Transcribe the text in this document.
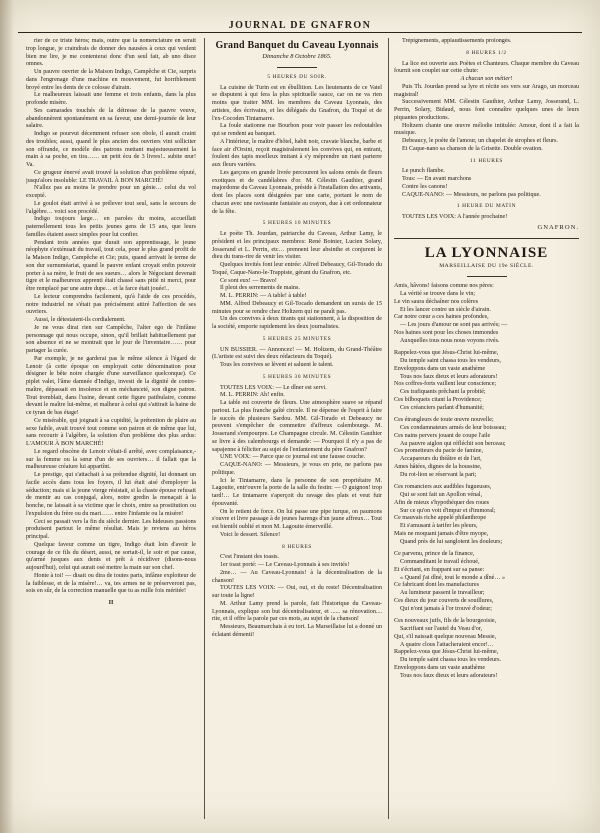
$_{JOURNAL DE GNAFRON}$

rier de ce triste héros; mais, outre que la nomenclature en serait trop longue, je craindrais de donner des nausées à ceux qui veulent bien me lire, je me contenterai donc d'un seul fait, ab uno disce omnes.

Un pauvre ouvrier de la Maison Indigo, Campêche et Cie, surpris dans l'engrenage d'une machine en mouvement, fut horriblement broyé entre les dents de ce colosse d'airain.

Le malheureux laissait une femme et trois enfants, dans la plus profonde misère.

Ses camarades touchés de la détresse de la pauvre veuve, abandonnèrent spontanément en sa faveur, une demi-journée de leur salaire.

Indigo se pourvut décemment refuser son obole, il aurait craint des troubles; aussi, quand le plus ancien des ouvriers vint solliciter son offrande, ce modèle des patrons mettant majestueusement la main à sa poche, en tira…… un petit écu de 3 livres!.. subite œur! Va.

Ce grugeur énervé avait trouvé la solution d'un problème réputé, jusqu'alors insoluble: LE TRAVAIL À BON MARCHÉ!

N'allez pas au moins le prendre pour un génie… celui du vol excepté.

Le goulot était arrivé à se prélever tout seul, sans le secours de l'algèbre… voici son procédé.

Indigo toujours large… en paroles du moins, accueillait paternellement tous les petits jeunes gens de 15 ans, que leurs familles étaient assez simples pour lui confier.

Pendant trois années que durait son apprentissage, le jeune néophyte s'exténuait du travail, tout cela, pour le plus grand profit de la Maison Indigo, Campêche et Cie; puis, quand arrivait le terme de son dur surnuméariat, quand le pauvre enfant croyait enfin pouvoir porter à sa mère, le fruit de ses sueurs… alors le Négociant devenait tigre et le malheureux apprenti était chassé sans pitié ni merci, pour être remplacé par une autre dupe… et la farce était jouée!..

Le lecteur comprendra facilement, qu'à l'aide de ces procédés, notre industriel ne s'était pas précisément attiré l'affection de ses ouvriers.

Aussi, le détestaient-ils cordialement.

Je ne vous dirai rien sur Campêche, l'alter ego de l'infâme personnage qui nous occupe, sinon, qu'il brillait habituellement par son absence et ne se montrait que le jour de l'inventaire…… pour partager la curée.

Par exemple, je ne garderai pas le même silence à l'égard de Lenoir (à cette époque on employait cette dénomination pour désigner le bête noire chargée d'une surveillance quelconque). Ce piplet valet, l'âme damnée d'Indigo, investi de la dignité de contre-maître, dépassait en insolence et en méchanceté, son digne patron. Tout tremblait, dans l'usine, devant cette figure patibulaire, comme devant le maître lui-même, et malheur à celui qui s'attirait la haine de ce tyran de bas étage!

Ce misérable, qui joignait à sa cupidité, la prétention de plaire au sexe faible, avait trouvé tout comme son patron et de même que lui, sans recourir à l'algèbre, la solution d'un problème des plus ardus: L'AMOUR À BON MARCHÉ!

Le regard obscène de Lenoir s'était-il arrêté, avec complaisance,-sur la femme ou la sœur d'un de ses ouvriers… il fallait que la malheureuse créature lui appartînt.

Le prestige, qui s'attachait à sa prétendue dignité, lui donnant un facile accès dans tous les foyers, il lui était aisé d'employer la séduction; mais si la jeune vierge résistait, si la chaste épouse refusait de mentir au cas conjugal, alors, notre gredin la menaçait à la honche, ne laissait à sa victime que le choix, entre sa prostitution ou l'expulsion du frère ou du mari…… entre l'infamie ou la misère!

Ceci se passait vers la fin du siècle dernier. Les hideuses passions produisent partout le même résultat. Mais je reviens au héros principal.

Quelque faveur comme un tigre, Indigo était loin d'avoir le courage de ce fils du désert, aussi, ne sortait-il, le soir et par cause, qu'armé jusques aux dents et prêt à récidiver (disons-nous aujourd'hui), celui qui aurait osé mettre la main sur son chef.

Honte à toi! — disait ou dira de toutes parts, infâme exploiteur de la faiblesse, et de la misère!… va, tes armes ne te préserveront pas, sois en sûr, de la correction manuelle que tu as mille fois méritée!

II

Grand Banquet du Caveau Lyonnais
Dimanche 8 Octobre 1865.
5 HEURES DU SOIR.

La cuisine de Turin est en ébullition. Les lieutenants de ce Vatel se disputent à qui fera la plus spirituelle sauce, car on ne va rien moins que traiter MM. les membres du Caveau Lyonnais, des artistes, des écrivains, et les délégués du Gnafron, du Toqué et de l'ex-Cocoden Tintamarre.

La foule stationne rue Bourbon pour voir passer les redoutables qui se rendent au banquet.

A l'intérieur, le maître d'hôtel, habit noir, cravate blanche, barbe et face air d'Orsini, reçoit magistralement les convives qui, en entrant, foulent des tapis moelleux imitant à s'y méprendre un riant parterre aux fleurs variées.

Les garçons en grande livrée percourent les salons ornés de fleurs exotiques et de candélabres d'or. M. Célestin Gauthier, grand majordome du Caveau Lyonnais, préside à l'installation des artivants, dont les places sont désignées par une carte, portant le nom de chacun avec une ravissante fantaisie au crayon, due à cet ordonnateur de la fête.

5 HEURES 10 MINUTES

Le poète Th. Jourdan, patriarche du Caveau, Arthur Lamy, le président et les principaux membres: René Boinier, Lucien Solary, Josserand et L. Perrin, etc… prennent leur absinthe et conjurent le dieu du trans-rire de venir les visiter.

Quelques invités font leur entrée: Alfred Debeaucy, Gil-Torado du Toqué, Caque-Nano-le-Trappiste, gérant du Gnafron, etc.

Ce sont eux! — Bravo!

Il pleut des serrements de mains.

M. L. PERRIN: — A table! à table!

MM. Alfred Debeaucy et Gil-Tocado demandent un sursis de 15 minutes pour se rendre chez Holtzem qui ne paraît pas.

Un des convives à deux tirants qui stationnent, à la disposition de la société, emporte rapidement les deux journalistes.

5 HEURES 25 MINUTES

UN BUSSIER. — Annoncez! — M. Holtzem, du Grand-Théâtre (L'artiste est suivi des deux rédacteurs du Toqué).

Tous les convives se lèvent et saluent le talent.

5 HEURES 30 MINUTES

TOUTES LES VOIX: — Le dîner est servi.

M. L. PERRIN: Ah! enfin.

La table est couverte de fleurs. Une atmosphère suave se répand partout. La plus franche gaîté circule. Il ne dépense de l'esprit à faire le succès de plusieurs Sardou. MM. Gil-Torado et Debeaucy ne peuvent s'empêcher de commettre d'affreux calembourgs. M. Josserand s'empourpre. Le Champagne circule. M. Célestin Gauthier se livre à des calembourgs et demande: — Pourquoi il n'y a pas de sapajenne à féliciter au sujet de l'enfantement du père Gnafron?

UNE VOIX: — Parce que ce journal est une fausse couche.

CAQUE-NANO: — Messieurs, je vous en prie, ne parlons pas politique.

Ici le Tintamarre, dans la personne de son propriétaire M. Lagouite, entr'ouvre la porte de la salle du festin: — O guignon! trop tard!… Le tintamarre s'aperçoit du ravage des plats et veut fuir épouvanté.

On le retient de force. On lui passe une pipe turque, on paumons s'ouvre et livre passage à de jeunes harengs d'un jaune affreux… Tout est bientôt oublié et mon M. Lagouite émerveillé.

Voici le dessert. Silence!

8 HEURES

C'est l'instant des toasts.

1er toast porté: — Le Caveau-Lyonnais à ses invités!

2me… — Au Caveau-Lyonnais! à la décentralisation de la chanson!

TOUTES LES VOIX: — Oui, oui, et du reste! Décentralisation sur toute la ligne!

M. Arthur Lamy prend la parole, fait l'historique du Caveau-Lyonnais, explique son but décentralisateur, et ...... sa rénovation.... rite, et il offre la parole par ces mots, au sujet de la chanson!

Messieurs, Beaumarchais à eu tort. La Marseillaise lui a donné un éclatant démenti!

Trépignements, applaudissements prolongés.

8 HEURES 1/2

La lice est ouverte aux Poètes et Chanteurs. Chaque membre du Caveau fournit son couplet sur cette chute:

A chacun son métier!

Puis Th. Jourdan prend sa lyre et récite ses vers sur Arago, un morceau magistral!

Successivement MM. Célestin Gauthier, Arthur Lamy, Josserand, L. Perrin, Solary, Bidaud, nous font connaître quelques unes de leurs piquantes productions.

Holtzem chante une œuvre mélodie intitulée: Amour, dont il a fait la musique.

Debeaucy, le poète de l'amour, un chapelet de strophes et fleurs.

Et Caque-nano sa chanson de la Grisette. Double ovation.

11 HEURES

Le punch flambe.

Tous: — En avant marchons

Contre les canons!

CAQUE-NANO: — Messieurs, ne parlons pas politique.

1 HEURE DU MATIN

TOUTES LES VOIX: A l'année prochaine!

GNAFRON.
LA LYONNAISE
MARSEILLAISE DU 19e SIÈCLE.

Amis, hâvons! faisons comme nos pères:

La vérité se trouve dans le vin;

Le vin saura déchaîner nos colères

Et les lancer contre un siècle d'airain.

Car notre cœur a ces haines profondes,

— Les jours d'amour ne sont pas arrivés; —

Nos haines sont pour les choses immondes

Auxquelles tous nous nous voyons rivés.

Rappelez-vous que Jésus-Christ lui-même,

Du temple saint chassa tous les vendeurs,

Enveloppons dans un vaste anathème

Tous nos faux dieux et leurs adorateurs!

Nos coffres-forts vaillent leur conscience;

Ces trafiquants prêchant la probité;

Ces bilboquets citant la Providence;

Ces créanciers parlant d'humanité;

Ces étrangleurs de toute œuvre nouvelle;

Ces condamnateurs armés de leur boisseau;

Ces nains pervers jouant de coupe l'aile

Au pauvre aiglon qui réfléchit son berceau;

Ces prometteurs du pacte de famine,

Accapareurs du théâtre et de l'art,

Ames hâtées, dignes de la houssine,

Du rot-lion se réservant la part;

Ces romanciers aux audibles fugueuses,

Qui se sont fait un Apollon vénal,

Afin de mieux s'hypothéquer des roues

Sur ce qu'on voit d'impur et d'immoral;

Ce mauvais riche appelé philanthrope

Et s'amusant à tarifer les pleurs,

Mais ne moquant jamais d'être myope,

Quand près de lui sanglotent les douleurs;

Ce parvenu, prince de la finance,

Commanditant le travail échoué,

Et s'écriant, en frappant sur sa panse:

« Quand j'ai dîné, tout le monde a dîné… »

Ce fabricant dont les manufactures

Au lumineur passent le travailleur;

Ces dieux du jour couverts de souillures,

Qui n'ont jamais à l'or trouvé d'odeur;

Ces nouveaux juifs, fils de la bourgeoisie,

Sacrifiant sur l'autel du Veau d'or,

Qui, s'il naissait quelque nouveau Messie,

A quatre clous l'attacheraient encor!…

Rappelez-vous que Jésus-Christ lui-même,

Du temple saint chassa tous les vendeurs.

Enveloppons dans un vaste anathème

Tous nos faux dieux et leurs adorateurs!
